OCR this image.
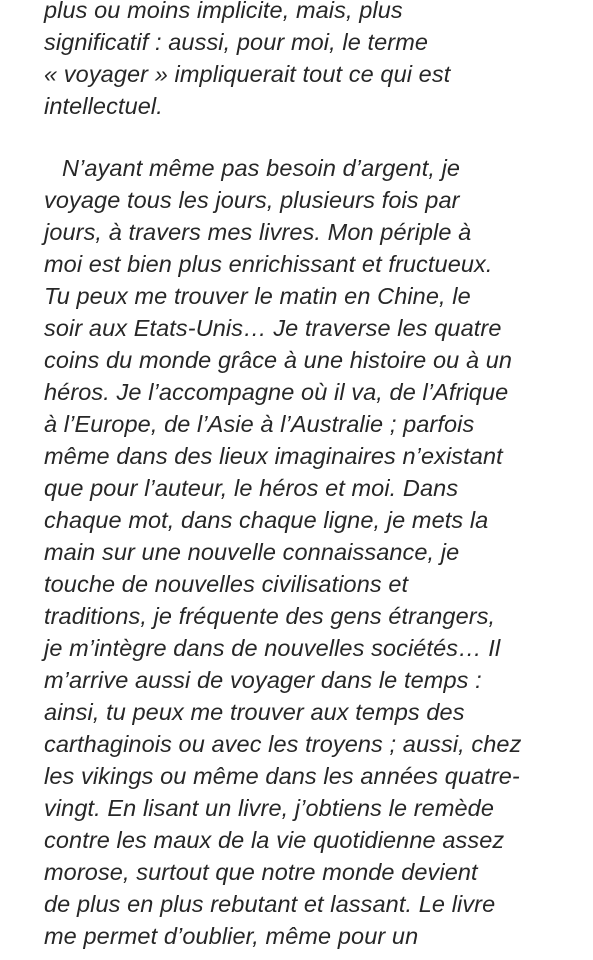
plus ou moins implicite, mais, plus
significatif : aussi, pour moi, le terme
« voyager » impliquerait tout ce qui est
intellectuel.
N’ayant même pas besoin d’argent, je
voyage tous les jours, plusieurs fois par
jours, à travers mes livres. Mon périple à
moi est bien plus enrichissant et fructueux.
Tu peux me trouver le matin en Chine, le
soir aux Etats-Unis… Je traverse les quatre
coins du monde grâce à une histoire ou à un
héros. Je l’accompagne où il va, de l’Afrique
à l’Europe, de l’Asie à l’Australie ; parfois
même dans des lieux imaginaires n’existant
que pour l’auteur, le héros et moi. Dans
chaque mot, dans chaque ligne, je mets la
main sur une nouvelle connaissance, je
touche de nouvelles civilisations et
traditions, je fréquente des gens étrangers,
je m’intègre dans de nouvelles sociétés… Il
m’arrive aussi de voyager dans le temps :
ainsi, tu peux me trouver aux temps des
carthaginois ou avec les troyens ; aussi, chez
les vikings ou même dans les années quatre-
vingt. En lisant un livre, j’obtiens le remède
contre les maux de la vie quotidienne assez
morose, surtout que notre monde devient
de plus en plus rebutant et lassant. Le livre
me permet d’oublier, même pour un
